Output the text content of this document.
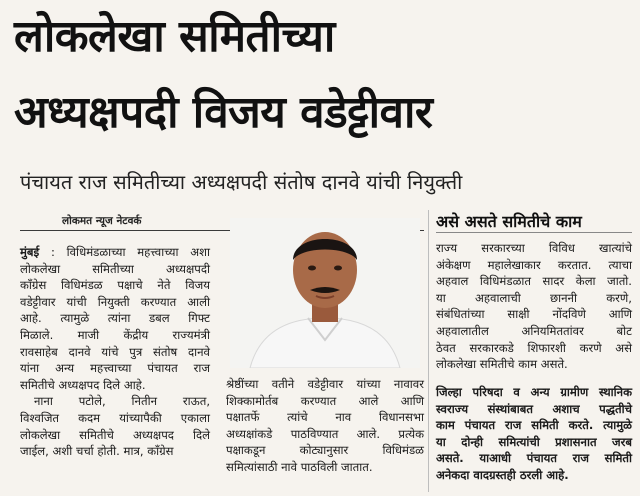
लोकलेखा समितीच्या
अध्यक्षपदी विजय वडेट्टीवार
पंचायत राज समितीच्या अध्यक्षपदी संतोष दानवे यांची नियुक्ती
लोकमत न्यूज नेटवर्क

मुंबई : विधिमंडळाच्या महत्त्वाच्या अशा

लोकलेखा समितीच्या अध्यक्षपदी

काँग्रेस विधिमंडळ पक्षाचे नेते विजय

वडेट्टीवार यांची नियुक्ती करण्यात आली

आहे. त्यामुळे त्यांना डबल गिफ्ट

मिळाले. माजी केंद्रीय राज्यमंत्री

रावसाहेब दानवे यांचे पुत्र संतोष दानवे

यांना अन्य महत्त्वाच्या पंचायत राज

समितीचे अध्यक्षपद दिले आहे.

नाना पटोले, नितीन राऊत,

विश्वजित कदम यांच्यापैकी एकाला

लोकलेखा समितीचे अध्यक्षपद दिले

जाईल, अशी चर्चा होती. मात्र, काँग्रेस

श्रेष्ठींच्या वतीने वडेट्टीवार यांच्या नावावर

शिक्कामोर्तब करण्यात आले आणि

पक्षातर्फे त्यांचे नाव विधानसभा

अध्यक्षांकडे पाठविण्यात आले. प्रत्येक

पक्षाकडून कोट्यानुसार विधिमंडळ

समित्यांसाठी नावे पाठविली जातात.

असे असते समितीचे काम

राज्य सरकारच्या विविध खात्यांचे

अंकेक्षण महालेखाकार करतात. त्याचा

अहवाल विधिमंडळात सादर केला जातो.

या अहवालाची छाननी करणे,

संबंधितांच्या साक्षी नोंदविणे आणि

अहवालातील अनियमिततांवर बोट

ठेवत सरकारकडे शिफारशी करणे असे

लोकलेखा समितीचे काम असते.

जिल्हा परिषदा व अन्य ग्रामीण स्थानिक

स्वराज्य संस्थांबाबत अशाच पद्धतीचे

काम पंचायत राज समिती करते. त्यामुळे

या दोन्ही समित्यांची प्रशासनात जरब

असते. याआधी पंचायत राज समिती

अनेकदा वादग्रस्तही ठरली आहे.
